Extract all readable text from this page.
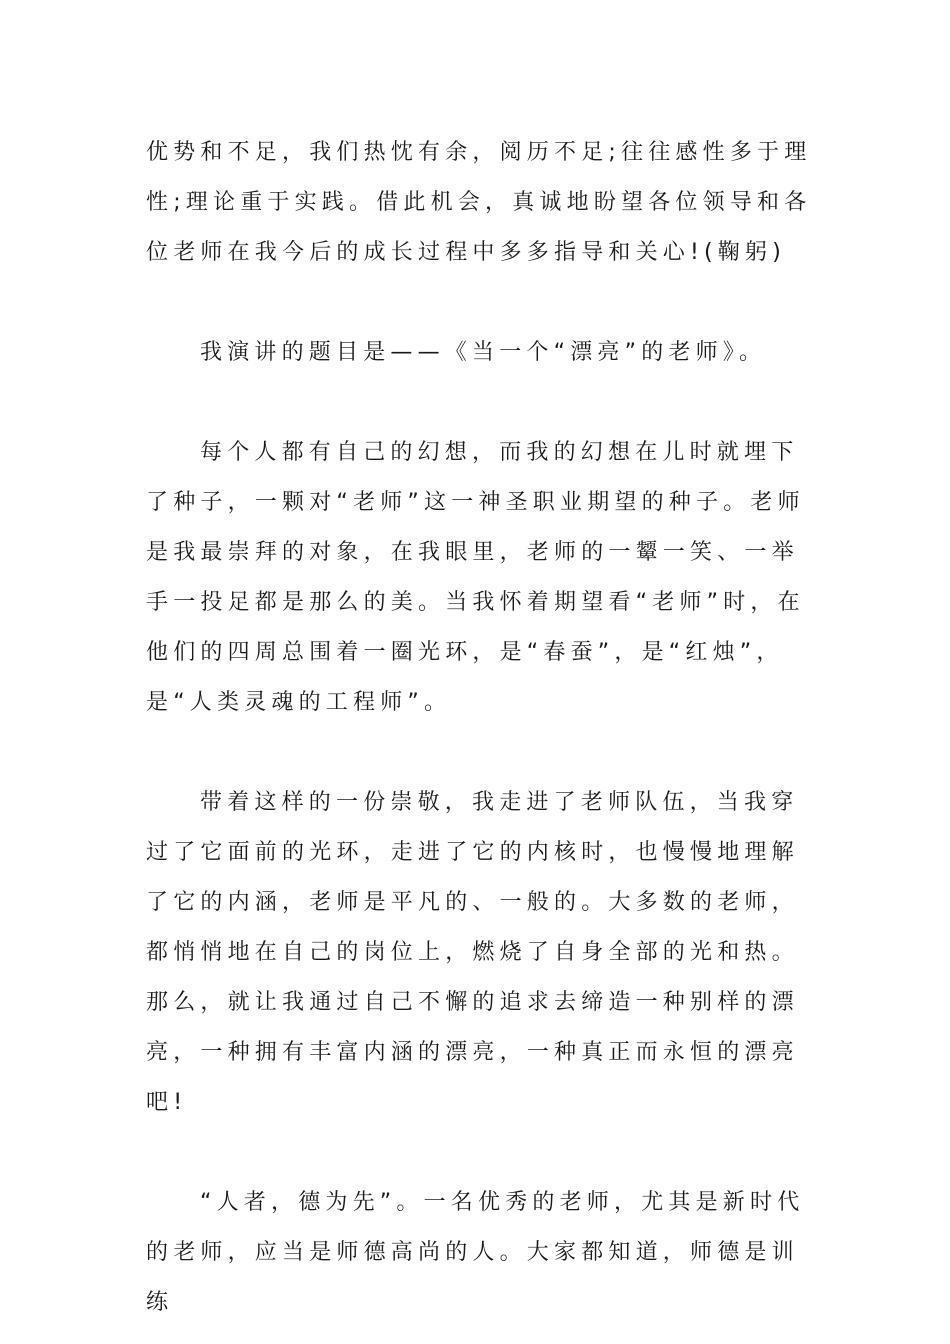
优势和不足，我们热忱有余，阅历不足;往往感性多于理性;理论重于实践。借此机会，真诚地盼望各位领导和各位老师在我今后的成长过程中多多指导和关心!(鞠躬)

我演讲的题目是——《当一个“漂亮”的老师》。

每个人都有自己的幻想，而我的幻想在儿时就埋下了种子，一颗对“老师”这一神圣职业期望的种子。老师是我最崇拜的对象，在我眼里，老师的一颦一笑、一举手一投足都是那么的美。当我怀着期望看“老师”时，在他们的四周总围着一圈光环，是“春蚕”，是“红烛”，是“人类灵魂的工程师”。

带着这样的一份崇敬，我走进了老师队伍，当我穿过了它面前的光环，走进了它的内核时，也慢慢地理解了它的内涵，老师是平凡的、一般的。大多数的老师，都悄悄地在自己的岗位上，燃烧了自身全部的光和热。那么，就让我通过自己不懈的追求去缔造一种别样的漂亮，一种拥有丰富内涵的漂亮，一种真正而永恒的漂亮吧!

“人者，德为先”。一名优秀的老师，尤其是新时代的老师，应当是师德高尚的人。大家都知道，师德是训练
